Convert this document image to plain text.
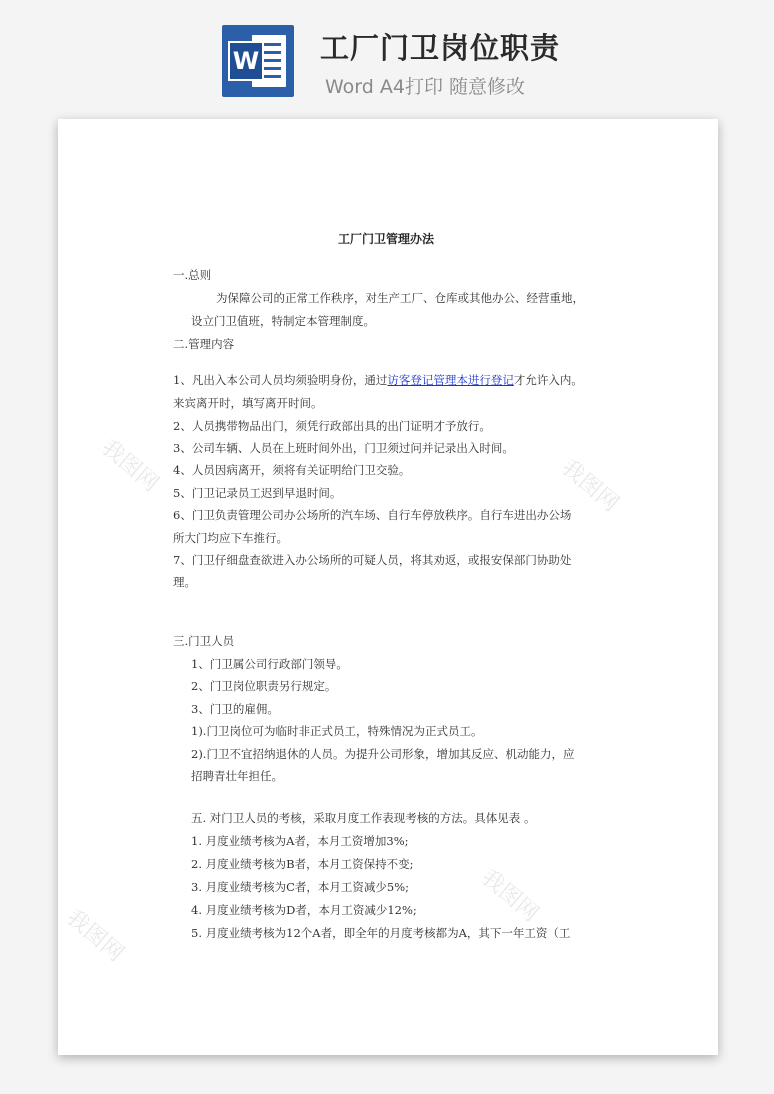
W 工厂门卫岗位职责
Word A4打印 随意修改
我图网	我图网
我图网
我图网
工厂门卫管理办法
一.总则
为保障公司的正常工作秩序，对生产工厂、仓库或其他办公、经营重地，
设立门卫值班，特制定本管理制度。
二.管理内容
1、凡出入本公司人员均须验明身份，通过访客登记管理本进行登记才允许入内。
来宾离开时，填写离开时间。
2、人员携带物品出门，须凭行政部出具的出门证明才予放行。
3、公司车辆、人员在上班时间外出，门卫须过问并记录出入时间。
4、人员因病离开，须将有关证明给门卫交验。
5、门卫记录员工迟到早退时间。
6、门卫负责管理公司办公场所的汽车场、自行车停放秩序。自行车进出办公场
所大门均应下车推行。
7、门卫仔细盘查欲进入办公场所的可疑人员，将其劝返，或报安保部门协助处
理。
三.门卫人员
1、门卫属公司行政部门领导。
2、门卫岗位职责另行规定。
3、门卫的雇佣。
1).门卫岗位可为临时非正式员工，特殊情况为正式员工。
2).门卫不宜招纳退休的人员。为提升公司形象，增加其反应、机动能力，应
招聘青壮年担任。
五. 对门卫人员的考核，采取月度工作表现考核的方法。具体见表 。
1. 月度业绩考核为A者，本月工资增加3%;
2. 月度业绩考核为B者，本月工资保持不变;
3. 月度业绩考核为C者，本月工资减少5%;
4. 月度业绩考核为D者，本月工资减少12%;
5. 月度业绩考核为12个A者，即全年的月度考核都为A，其下一年工资（工
